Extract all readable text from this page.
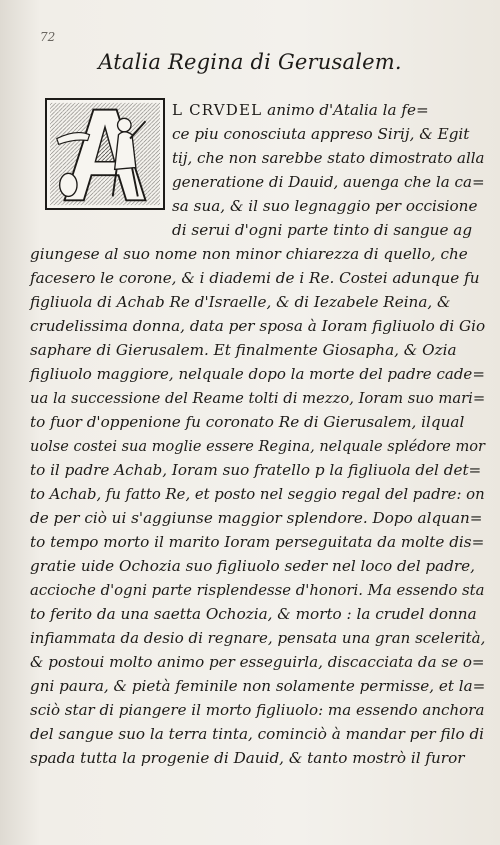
72
Atalia Regina di Gerusalem.
L CRVDEL animo d'Atalia la fe=
ce piu conosciuta appreso Sirij, & Egit
tij, che non sarebbe stato dimostrato alla
generatione di Dauid, auenga che la ca=
sa sua, & il suo legnaggio per occisione
di serui d'ogni parte tinto di sangue ag
giungese al suo nome non minor chiarezza di quello, che
facesero le corone, & i diademi de i Re. Costei adunque fu
figliuola di Achab Re d'Israelle, & di Iezabele Reina, &
crudelissima donna, data per sposa à Ioram figliuolo di Gio
saphare di Gierusalem. Et finalmente Giosapha, & Ozia
figliuolo maggiore, nelquale dopo la morte del padre cade=
ua la successione del Reame tolti di mezzo, Ioram suo mari=
to fuor d'oppenione fu coronato Re di Gierusalem, ilqual
uolse costei sua moglie essere Regina, nelquale splédore mor
to il padre Achab, Ioram suo fratello p la figliuola del det=
to Achab, fu fatto Re, et posto nel seggio regal del padre: on
de per ciò ui s'aggiunse maggior splendore. Dopo alquan=
to tempo morto il marito Ioram perseguitata da molte dis=
gratie uide Ochozia suo figliuolo seder nel loco del padre,
accioche d'ogni parte risplendesse d'honori. Ma essendo sta
to ferito da una saetta Ochozia, & morto : la crudel donna
infiammata da desio di regnare, pensata una gran scelerità,
& postoui molto animo per esseguirla, discacciata da se o=
gni paura, & pietà feminile non solamente permisse, et la=
sciò star di piangere il morto figliuolo: ma essendo anchora
del sangue suo la terra tinta, cominciò à mandar per filo di
spada tutta la progenie di Dauid, & tanto mostrò il furor
